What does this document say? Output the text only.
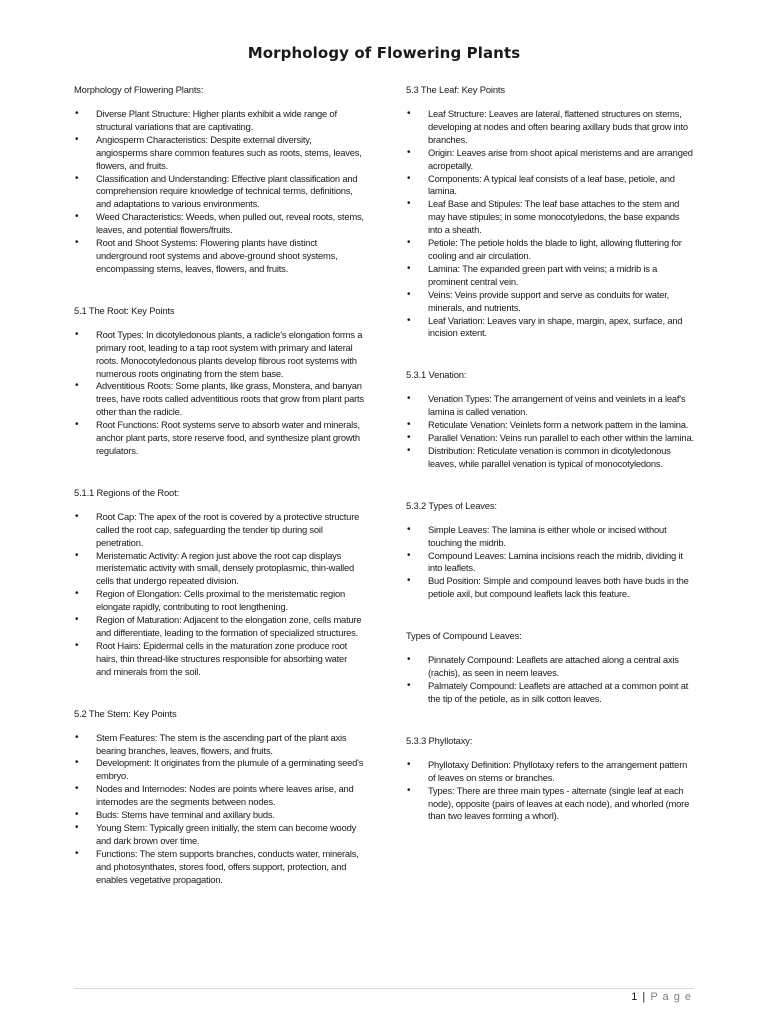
Morphology of Flowering Plants

Morphology of Flowering Plants:

• Diverse Plant Structure: Higher plants exhibit a wide range of structural variations that are captivating.
• Angiosperm Characteristics: Despite external diversity, angiosperms share common features such as roots, stems, leaves, flowers, and fruits.
• Classification and Understanding: Effective plant classification and comprehension require knowledge of technical terms, definitions, and adaptations to various environments.
• Weed Characteristics: Weeds, when pulled out, reveal roots, stems, leaves, and potential flowers/fruits.
• Root and Shoot Systems: Flowering plants have distinct underground root systems and above-ground shoot systems, encompassing stems, leaves, flowers, and fruits.

5.1 The Root: Key Points

• Root Types: In dicotyledonous plants, a radicle's elongation forms a primary root, leading to a tap root system with primary and lateral roots. Monocotyledonous plants develop fibrous root systems with numerous roots originating from the stem base.
• Adventitious Roots: Some plants, like grass, Monstera, and banyan trees, have roots called adventitious roots that grow from plant parts other than the radicle.
• Root Functions: Root systems serve to absorb water and minerals, anchor plant parts, store reserve food, and synthesize plant growth regulators.

5.1.1 Regions of the Root:

• Root Cap: The apex of the root is covered by a protective structure called the root cap, safeguarding the tender tip during soil penetration.
• Meristematic Activity: A region just above the root cap displays meristematic activity with small, densely protoplasmic, thin-walled cells that undergo repeated division.
• Region of Elongation: Cells proximal to the meristematic region elongate rapidly, contributing to root lengthening.
• Region of Maturation: Adjacent to the elongation zone, cells mature and differentiate, leading to the formation of specialized structures.
• Root Hairs: Epidermal cells in the maturation zone produce root hairs, thin thread-like structures responsible for absorbing water and minerals from the soil.

5.2 The Stem: Key Points

• Stem Features: The stem is the ascending part of the plant axis bearing branches, leaves, flowers, and fruits.
• Development: It originates from the plumule of a germinating seed's embryo.
• Nodes and Internodes: Nodes are points where leaves arise, and internodes are the segments between nodes.
• Buds: Stems have terminal and axillary buds.
• Young Stem: Typically green initially, the stem can become woody and dark brown over time.
• Functions: The stem supports branches, conducts water, minerals, and photosynthates, stores food, offers support, protection, and enables vegetative propagation.

5.3 The Leaf: Key Points

• Leaf Structure: Leaves are lateral, flattened structures on stems, developing at nodes and often bearing axillary buds that grow into branches.
• Origin: Leaves arise from shoot apical meristems and are arranged acropetally.
• Components: A typical leaf consists of a leaf base, petiole, and lamina.
• Leaf Base and Stipules: The leaf base attaches to the stem and may have stipules; in some monocotyledons, the base expands into a sheath.
• Petiole: The petiole holds the blade to light, allowing fluttering for cooling and air circulation.
• Lamina: The expanded green part with veins; a midrib is a prominent central vein.
• Veins: Veins provide support and serve as conduits for water, minerals, and nutrients.
• Leaf Variation: Leaves vary in shape, margin, apex, surface, and incision extent.

5.3.1 Venation:

• Venation Types: The arrangement of veins and veinlets in a leaf's lamina is called venation.
• Reticulate Venation: Veinlets form a network pattern in the lamina.
• Parallel Venation: Veins run parallel to each other within the lamina.
• Distribution: Reticulate venation is common in dicotyledonous leaves, while parallel venation is typical of monocotyledons.

5.3.2 Types of Leaves:

• Simple Leaves: The lamina is either whole or incised without touching the midrib.
• Compound Leaves: Lamina incisions reach the midrib, dividing it into leaflets.
• Bud Position: Simple and compound leaves both have buds in the petiole axil, but compound leaflets lack this feature.

Types of Compound Leaves:

• Pinnately Compound: Leaflets are attached along a central axis (rachis), as seen in neem leaves.
• Palmately Compound: Leaflets are attached at a common point at the tip of the petiole, as in silk cotton leaves.

5.3.3 Phyllotaxy:

• Phyllotaxy Definition: Phyllotaxy refers to the arrangement pattern of leaves on stems or branches.
• Types: There are three main types - alternate (single leaf at each node), opposite (pairs of leaves at each node), and whorled (more than two leaves forming a whorl).
1 | P a g e
